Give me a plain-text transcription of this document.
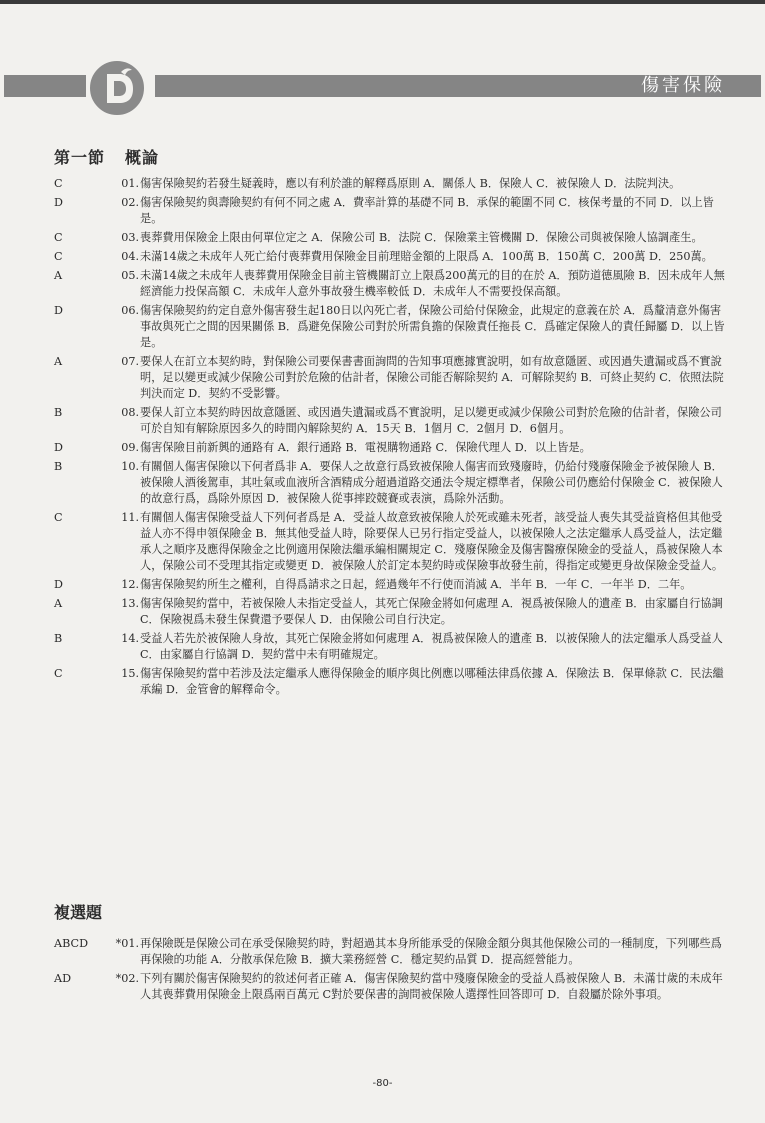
傷害保險
第一節 概論
C	01. 傷害保險契約若發生疑義時，應以有利於誰的解釋爲原則 A．關係人 B．保險人 C．被保險人 D．法院判決。
D	02. 傷害保險契約與壽險契約有何不同之處 A．費率計算的基礎不同 B．承保的範圍不同 C．核保考量的不同 D．以上皆是。
C	03. 喪葬費用保險金上限由何單位定之 A．保險公司 B．法院 C．保險業主管機關 D．保險公司與被保險人協調產生。
C	04. 未滿14歲之未成年人死亡給付喪葬費用保險金目前理賠金額的上限爲 A．100萬 B．150萬 C．200萬 D．250萬。
A	05. 未滿14歲之未成年人喪葬費用保險金目前主管機關訂立上限爲200萬元的目的在於 A．預防道德風險 B．因未成年人無經濟能力投保高額 C．未成年人意外事故發生機率較低 D．未成年人不需要投保高額。
D	06. 傷害保險契約約定自意外傷害發生起180日以內死亡者，保險公司給付保險金，此規定的意義在於 A．爲釐清意外傷害事故與死亡之間的因果關係 B．爲避免保險公司對於所需負擔的保險責任拖長 C．爲確定保險人的責任歸屬 D．以上皆是。
A	07. 要保人在訂立本契約時，對保險公司要保書書面詢問的告知事項應據實說明，如有故意隱匿、或因過失遺漏或爲不實說明，足以變更或減少保險公司對於危險的估計者，保險公司能否解除契約 A．可解除契約 B．可終止契約 C．依照法院判決而定 D．契約不受影響。
B	08. 要保人訂立本契約時因故意隱匿、或因過失遺漏或爲不實說明，足以變更或減少保險公司對於危險的估計者，保險公司可於自知有解除原因多久的時間內解除契約 A．15天 B．1個月 C．2個月 D．6個月。
D	09. 傷害保險目前新興的通路有 A．銀行通路 B．電視購物通路 C．保險代理人 D．以上皆是。
B	10. 有關個人傷害保險以下何者爲非 A．要保人之故意行爲致被保險人傷害而致殘廢時，仍給付殘廢保險金予被保險人 B．被保險人酒後駕車，其吐氣或血液所含酒精成分超過道路交通法令規定標準者，保險公司仍應給付保險金 C．被保險人的故意行爲，爲除外原因 D．被保險人從事摔跤競賽或表演，爲除外活動。
C	11. 有關個人傷害保險受益人下列何者爲是 A．受益人故意致被保險人於死或雖未死者，該受益人喪失其受益資格但其他受益人亦不得申領保險金 B．無其他受益人時，除要保人已另行指定受益人，以被保險人之法定繼承人爲受益人，法定繼承人之順序及應得保險金之比例適用保險法繼承編相關規定 C．殘廢保險金及傷害醫療保險金的受益人，爲被保險人本人，保險公司不受理其指定或變更 D．被保險人於訂定本契約時或保險事故發生前，得指定或變更身故保險金受益人。
D	12. 傷害保險契約所生之權利，自得爲請求之日起，經過幾年不行使而消滅 A．半年 B．一年 C．一年半 D．二年。
A	13. 傷害保險契約當中，若被保險人未指定受益人，其死亡保險金將如何處理 A．視爲被保險人的遺產 B．由家屬自行協調 C．保險視爲未發生保費還予要保人 D．由保險公司自行決定。
B	14. 受益人若先於被保險人身故，其死亡保險金將如何處理 A．視爲被保險人的遺產 B．以被保險人的法定繼承人爲受益人 C．由家屬自行協調 D．契約當中未有明確規定。
C	15. 傷害保險契約當中若涉及法定繼承人應得保險金的順序與比例應以哪種法律爲依據 A．保險法 B．保單條款 C．民法繼承編 D．金管會的解釋命令。
複選題
ABCD	*01. 再保險既是保險公司在承受保險契約時，對超過其本身所能承受的保險金額分與其他保險公司的一種制度，下列哪些爲再保險的功能 A．分散承保危險 B．擴大業務經營 C．穩定契約品質 D．提高經營能力。
AD	*02. 下列有關於傷害保險契約的敘述何者正確 A．傷害保險契約當中殘廢保險金的受益人爲被保險人 B．未滿廿歲的未成年人其喪葬費用保險金上限爲兩百萬元 C對於要保書的詢問被保險人選擇性回答即可 D．自殺屬於除外事項。
-80-
